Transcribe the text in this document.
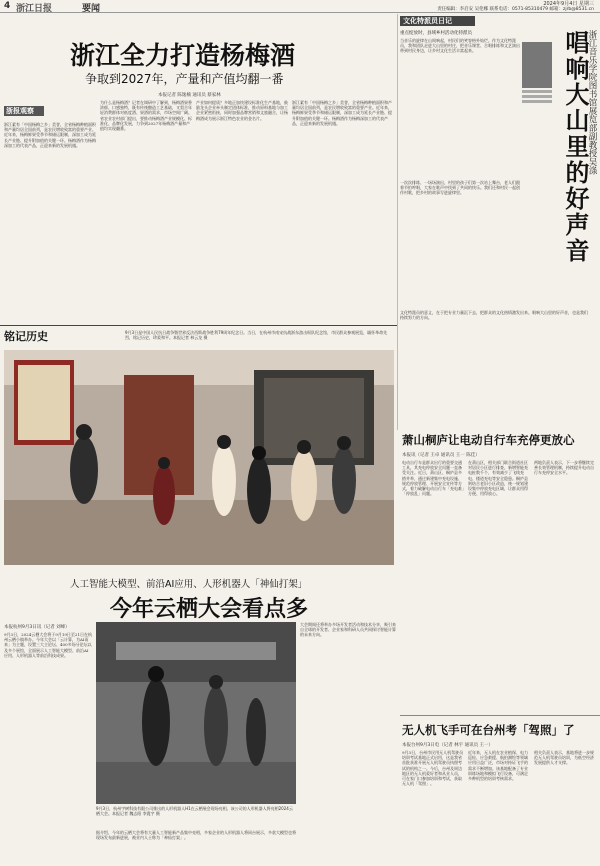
4 浙江日报	要闻	2024年9月4日 星期三
责任编辑：李启安 吴伦娜 联系电话：0571-85310479 邮箱：zjrb@8531.cn
浙江全力打造杨梅酒
争取到2027年，产量和产值均翻一番
本报记者 陈逸楠 通讯员 蔡家林
浙报观察
浙江素有「中国杨梅之乡」美誉，全省杨梅种植面积和产量均居全国前列，是农民增收致富的重要产业。近年来，杨梅鲜果受季节和储运限制，深加工成为延长产业链、提升附加值的关键一环。杨梅酒作为杨梅深加工的代表产品，正迎来新的发展机遇。
为什么是杨梅酒？记者在调研中了解到，杨梅酒果香浓郁、口感独特，既有传统酿造工艺基础，又契合年轻消费群体对低度酒、果酒的需求，市场空间广阔。省农业农村部门提出，要推动杨梅酒产业规模化、标准化、品牌化发展，力争到2027年杨梅酒产量和产值均实现翻番。
产业如何提质？多地正加快建设标准化生产基地，鼓励龙头企业牵头制定团体标准，推动原料基地与加工企业紧密衔接，同时加强品牌营销和文旅融合，让杨梅酒成为展示浙江特色农业的金名片。
浙江素有「中国杨梅之乡」美誉，全省杨梅种植面积和产量均居全国前列，是农民增收致富的重要产业。近年来，杨梅鲜果受季节和储运限制，深加工成为延长产业链、提升附加值的关键一环。杨梅酒作为杨梅深加工的代表产品，正迎来新的发展机遇。
文化特派员日记
重点绽放时，县域乡村活动化特派员
当音乐的旋律在山间响起，村民们的笑容格外灿烂。作为文化特派员，我和团队走进大山里的村庄，把音乐课堂、合唱排练和文艺演出带到村民身边，让乡村文化生活丰富起来。
一次次排练、一场场演出，村里的孩子们第一次站上舞台，老人们跟着节拍哼唱，大家在歌声中找到了共同的快乐。我们还和村民一起创作村歌，把乡村的故事写进旋律里。
文化特派员的意义，在于把专业力量沉下去，把群众的文化热情激发出来。唱响大山里的好声音，也是我们持续努力的方向。
唱响大山里的好声音
浙江音乐学院图书馆展览部副教授吴涤
铭记历史	9月3日是中国人民抗日战争暨世界反法西斯战争胜利79周年纪念日。当日，在杭州市南宋抗战浙东游击纵队纪念馆，市民群众参观展览，缅怀革命先烈，铭记历史，珍爱和平。本报记者 林云龙 摄
萧山桐庐让电动自行车充停更放心
本报讯（记者 王卓 通讯员 王一 陈佳）
电动自行车是群众出行的重要交通工具，其充电停放安全问题一直备受关注。近日，萧山区、桐庐县多措并举，通过新建集中充电设施、规范停放管理、开展安全宣传等方式，着力破解电动自行车「充电难」「停放乱」问题。
在萧山区，相关部门联合街道社区对居民小区进行排查，新增智能充电桩数千个，有效减少了飞线充电、楼道充电等安全隐患。桐庐县则结合老旧小区改造，统一规划建设集中停放充电区域，让群众用得方便、用得放心。
两地负责人表示，下一步将继续完善长效管理机制，持续提升电动自行车充停安全水平。
无人机飞手可在台州考「驾照」了
本报台州9月3日电（记者 林宇 通讯员 王一）
9月3日，台州市民用无人机驾驶员培训考试基地正式启用，这是我省首批获准开展无人机驾驶员执照考试的机构之一。今后，台州及周边地区的无人机爱好者和从业人员，可在家门口参加培训和考试，获取无人机「驾照」。
近年来，无人机在农业植保、电力巡检、应急救援、航拍测绘等领域应用日益广泛，市场对持证飞手的需求不断增加。该基地配备了专业训练场地和模拟飞行设备，可满足多种机型的培训考核需求。
相关负责人表示，基地将进一步规范无人机驾驶员培训，为低空经济发展提供人才支撑。
人工智能大模型、前沿AI应用、人形机器人「神仙打架」
今年云栖大会看点多
本报杭州9月3日讯（记者 刘峰）
9月3日，2024云栖大会将于9月19日至21日在杭州云栖小镇举办。今年大会以「云计算，为AI而来」为主题，设置三大主论坛、400多场分论坛以及多个展馆，全面展示人工智能大模型、前沿AI应用、人形机器人等前沿科技成果。
9月3日，杭州宇树科技有限公司推出的人形机器人H1在云栖展会现场亮相。该公司的人形机器人将亮相2024云栖大会。本报记者 魏志阳 李震宇 摄
据介绍，今年的云栖大会将有大量人工智能新产品集中亮相，多家企业的人形机器人将同台展示，多款大模型也将现场发布最新进展，被业内人士称为「神仙打架」。
大会期间还将举办多场开发者活动和技术分享，吸引来自全球的开发者、企业家和科研人员共同探讨智能计算的未来方向。
